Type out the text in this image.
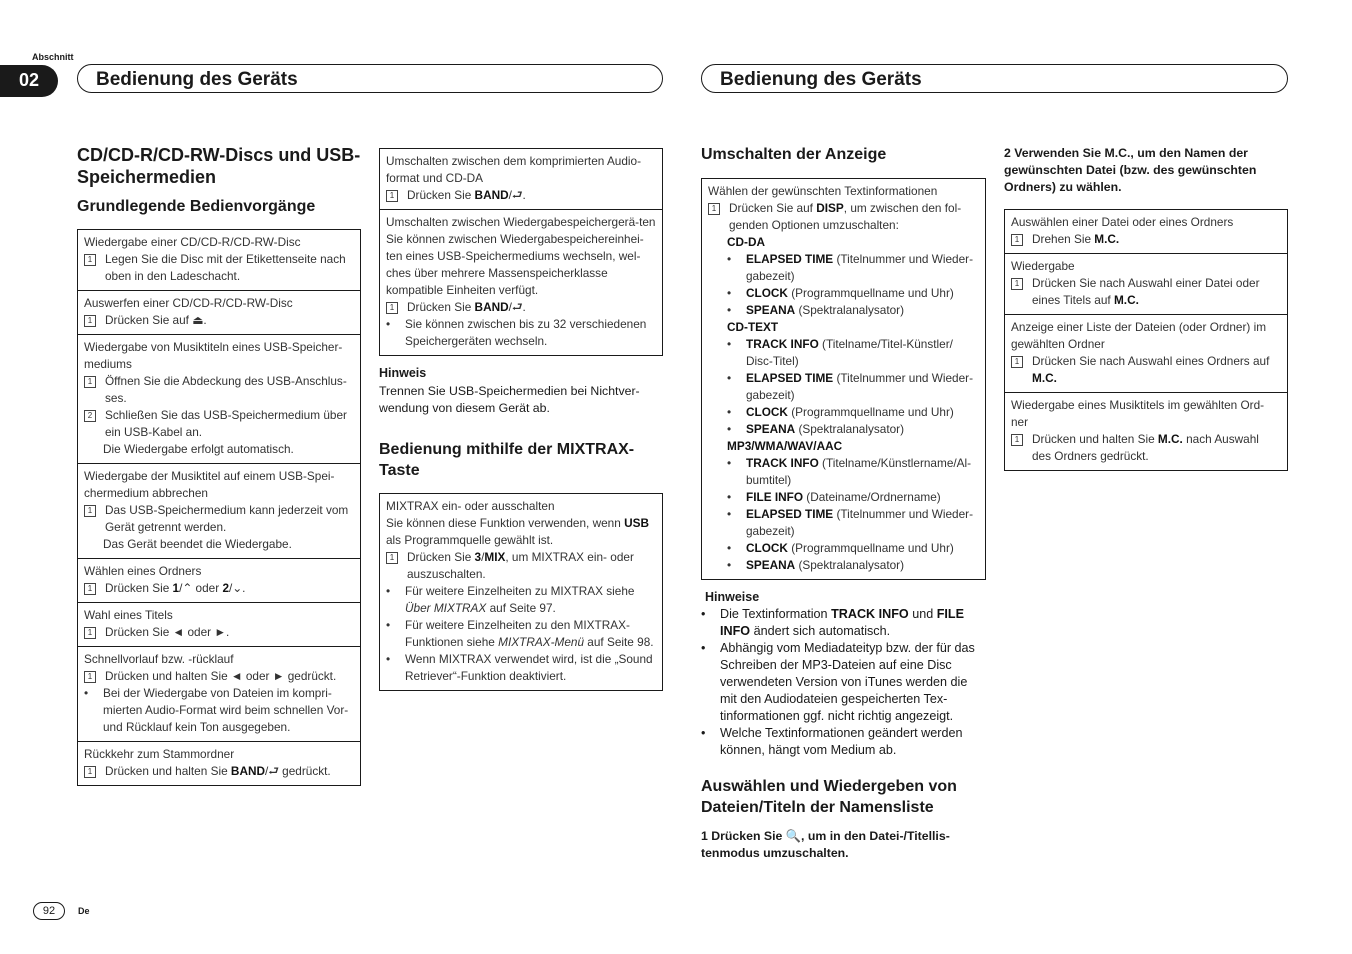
Abschnitt
02	Bedienung des Geräts	Bedienung des Geräts
CD/CD-R/CD-RW-Discs und USB-Speichermedien
Grundlegende Bedienvorgänge
Wiedergabe einer CD/CD-R/CD-RW-Disc
1	Legen Sie die Disc mit der Etikettenseite nach oben in den Ladeschacht.
Auswerfen einer CD/CD-R/CD-RW-Disc
1	Drücken Sie auf ⏏.
Wiedergabe von Musiktiteln eines USB-Speicher-mediums
1	Öffnen Sie die Abdeckung des USB-Anschlus-ses.
2	Schließen Sie das USB-Speichermedium über ein USB-Kabel an.
Die Wiedergabe erfolgt automatisch.
Wiedergabe der Musiktitel auf einem USB-Spei-chermedium abbrechen
1	Das USB-Speichermedium kann jederzeit vom Gerät getrennt werden.
Das Gerät beendet die Wiedergabe.
Wählen eines Ordners
1	Drücken Sie 1/⌃ oder 2/⌄.
Wahl eines Titels
1	Drücken Sie ◄ oder ►.
Schnellvorlauf bzw. -rücklauf
1	Drücken und halten Sie ◄ oder ► gedrückt.
•	Bei der Wiedergabe von Dateien im kompri-mierten Audio-Format wird beim schnellen Vor- und Rücklauf kein Ton ausgegeben.
Rückkehr zum Stammordner
1	Drücken und halten Sie BAND/⮐ gedrückt.
Umschalten zwischen dem komprimierten Audio-format und CD-DA
1	Drücken Sie BAND/⮐.
Umschalten zwischen Wiedergabespeichergerä-ten
Sie können zwischen Wiedergabespeichereinhei-ten eines USB-Speichermediums wechseln, wel-ches über mehrere Massenspeicherklasse kompatible Einheiten verfügt.
1	Drücken Sie BAND/⮐.
•	Sie können zwischen bis zu 32 verschiedenen Speichergeräten wechseln.
Hinweis
Trennen Sie USB-Speichermedien bei Nichtver-wendung von diesem Gerät ab.
Bedienung mithilfe der MIXTRAX-Taste
MIXTRAX ein- oder ausschalten
Sie können diese Funktion verwenden, wenn USB als Programmquelle gewählt ist.
1	Drücken Sie 3/MIX, um MIXTRAX ein- oder auszuschalten.
•	Für weitere Einzelheiten zu MIXTRAX siehe Über MIXTRAX auf Seite 97.
•	Für weitere Einzelheiten zu den MIXTRAX-Funktionen siehe MIXTRAX-Menü auf Seite 98.
•	Wenn MIXTRAX verwendet wird, ist die „Sound Retriever“-Funktion deaktiviert.
Umschalten der Anzeige
Wählen der gewünschten Textinformationen
1	Drücken Sie auf DISP, um zwischen den fol-genden Optionen umzuschalten:
CD-DA
•	ELAPSED TIME (Titelnummer und Wieder-gabezeit)
•	CLOCK (Programmquellname und Uhr)
•	SPEANA (Spektralanalysator)
CD-TEXT
•	TRACK INFO (Titelname/Titel-Künstler/ Disc-Titel)
•	ELAPSED TIME (Titelnummer und Wieder-gabezeit)
•	CLOCK (Programmquellname und Uhr)
•	SPEANA (Spektralanalysator)
MP3/WMA/WAV/AAC
•	TRACK INFO (Titelname/Künstlername/Al-bumtitel)
•	FILE INFO (Dateiname/Ordnername)
•	ELAPSED TIME (Titelnummer und Wieder-gabezeit)
•	CLOCK (Programmquellname und Uhr)
•	SPEANA (Spektralanalysator)
Hinweise
•	Die Textinformation TRACK INFO und FILE INFO ändert sich automatisch.
•	Abhängig vom Mediadateityp bzw. der für das Schreiben der MP3-Dateien auf eine Disc verwendeten Version von iTunes werden die mit den Audiodateien gespeicherten Tex-tinformationen ggf. nicht richtig angezeigt.
•	Welche Textinformationen geändert werden können, hängt vom Medium ab.
Auswählen und Wiedergeben von Dateien/Titeln der Namensliste
1 Drücken Sie 🔍, um in den Datei-/Titellis-tenmodus umzuschalten.
2 Verwenden Sie M.C., um den Namen der gewünschten Datei (bzw. des gewünschten Ordners) zu wählen.
Auswählen einer Datei oder eines Ordners
1	Drehen Sie M.C.
Wiedergabe
1	Drücken Sie nach Auswahl einer Datei oder eines Titels auf M.C.
Anzeige einer Liste der Dateien (oder Ordner) im gewählten Ordner
1	Drücken Sie nach Auswahl eines Ordners auf M.C.
Wiedergabe eines Musiktitels im gewählten Ord-ner
1	Drücken und halten Sie M.C. nach Auswahl des Ordners gedrückt.
92	De
